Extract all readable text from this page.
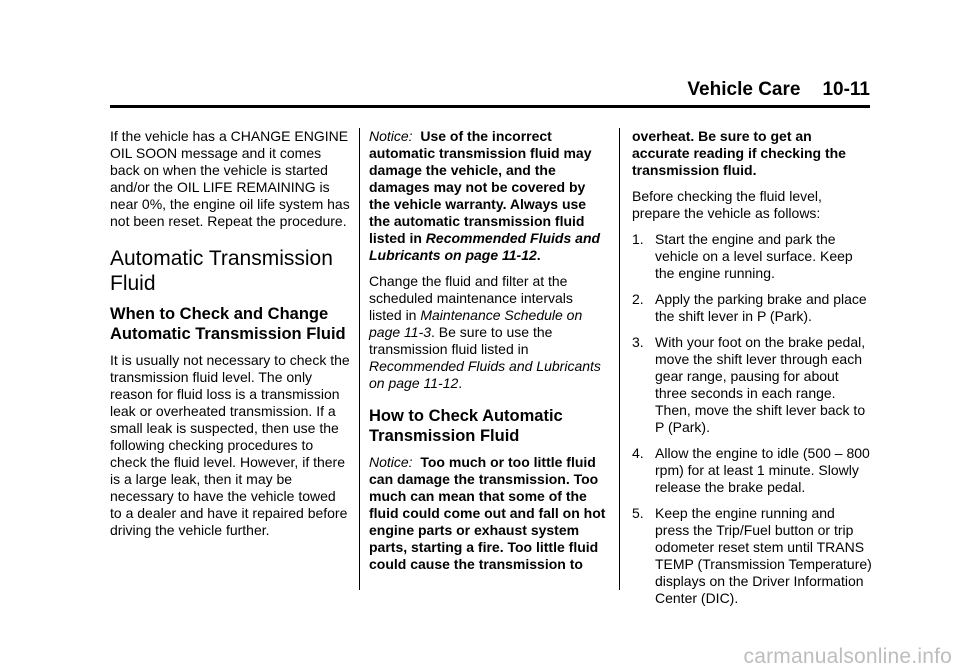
Vehicle Care 10-11

If the vehicle has a CHANGE ENGINE OIL SOON message and it comes back on when the vehicle is started and/or the OIL LIFE REMAINING is near 0%, the engine oil life system has not been reset. Repeat the procedure.

Automatic Transmission Fluid
When to Check and Change Automatic Transmission Fluid

It is usually not necessary to check the transmission fluid level. The only reason for fluid loss is a transmission leak or overheated transmission. If a small leak is suspected, then use the following checking procedures to check the fluid level. However, if there is a large leak, then it may be necessary to have the vehicle towed to a dealer and have it repaired before driving the vehicle further.

Notice: Use of the incorrect automatic transmission fluid may damage the vehicle, and the damages may not be covered by the vehicle warranty. Always use the automatic transmission fluid listed in Recommended Fluids and Lubricants on page 11-12.

Change the fluid and filter at the scheduled maintenance intervals listed in Maintenance Schedule on page 11-3. Be sure to use the transmission fluid listed in Recommended Fluids and Lubricants on page 11-12.

How to Check Automatic Transmission Fluid

Notice: Too much or too little fluid can damage the transmission. Too much can mean that some of the fluid could come out and fall on hot engine parts or exhaust system parts, starting a fire. Too little fluid could cause the transmission to

overheat. Be sure to get an accurate reading if checking the transmission fluid.

Before checking the fluid level, prepare the vehicle as follows:

1. Start the engine and park the vehicle on a level surface. Keep the engine running.
2. Apply the parking brake and place the shift lever in P (Park).
3. With your foot on the brake pedal, move the shift lever through each gear range, pausing for about three seconds in each range. Then, move the shift lever back to P (Park).
4. Allow the engine to idle (500 – 800 rpm) for at least 1 minute. Slowly release the brake pedal.
5. Keep the engine running and press the Trip/Fuel button or trip odometer reset stem until TRANS TEMP (Transmission Temperature) displays on the Driver Information Center (DIC).
carmanualsonline.info
